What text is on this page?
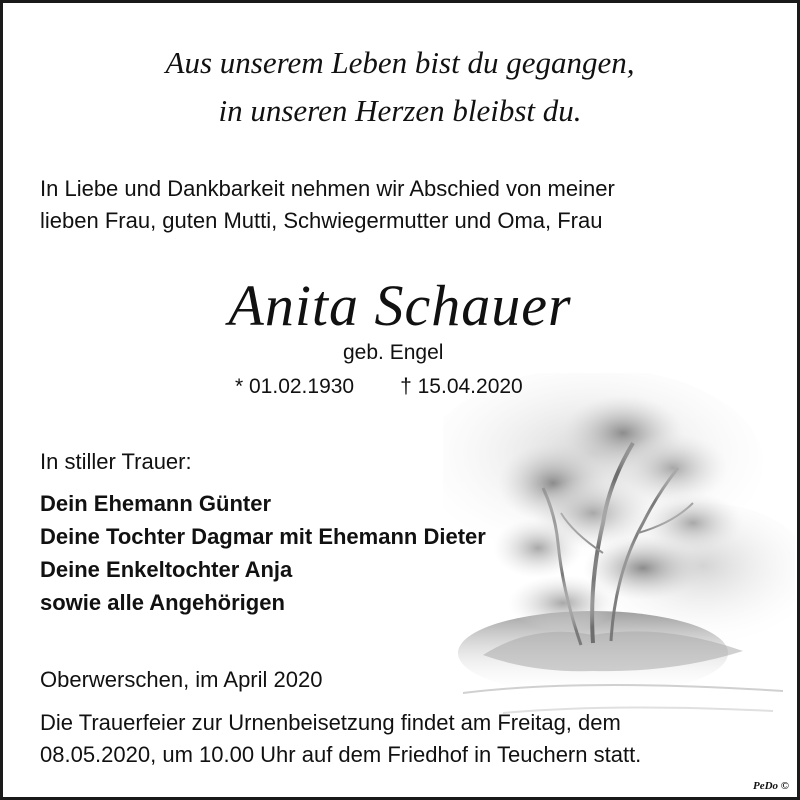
Aus unserem Leben bist du gegangen,
in unseren Herzen bleibst du.
In Liebe und Dankbarkeit nehmen wir Abschied von meiner
lieben Frau, guten Mutti, Schwiegermutter und Oma, Frau
Anita Schauer
geb. Engel
* 01.02.1930 † 15.04.2020
In stiller Trauer:
Dein Ehemann Günter
Deine Tochter Dagmar mit Ehemann Dieter
Deine Enkeltochter Anja
sowie alle Angehörigen
Oberwerschen, im April 2020
Die Trauerfeier zur Urnenbeisetzung findet am Freitag, dem
08.05.2020, um 10.00 Uhr auf dem Friedhof in Teuchern statt.
PeDo ©
